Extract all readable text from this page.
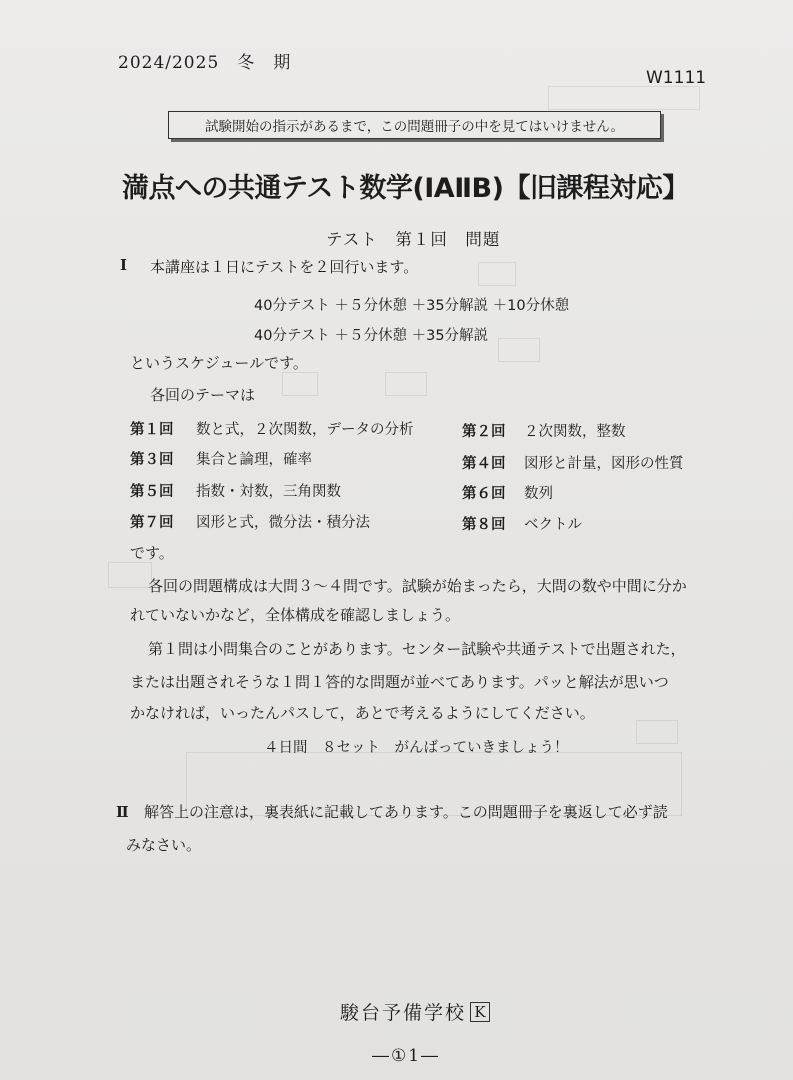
2024/2025　冬　期
W1111
試験開始の指示があるまで，この問題冊子の中を見てはいけません。
満点への共通テスト数学(IAⅡB)【旧課程対応】
テスト　第１回　問題
Ⅰ 本講座は１日にテストを２回行います。
40分テスト ＋５分休憩 ＋35分解説 ＋10分休憩
40分テスト ＋５分休憩 ＋35分解説
というスケジュールです。
各回のテーマは
第１回 数と式，２次関数，データの分析	第２回 ２次関数，整数
第３回 集合と論理，確率	第４回 図形と計量，図形の性質
第５回 指数・対数，三角関数	第６回 数列
第７回 図形と式，微分法・積分法	第８回 ベクトル
です。
各回の問題構成は大問３～４問です。試験が始まったら，大問の数や中間に分か
れていないかなど，全体構成を確認しましょう。
第１問は小問集合のことがあります。センター試験や共通テストで出題された，
または出題されそうな１問１答的な問題が並べてあります。パッと解法が思いつ
かなければ，いったんパスして，あとで考えるようにしてください。
４日間　８セット　がんばっていきましょう！
Ⅱ 解答上の注意は，裏表紙に記載してあります。この問題冊子を裏返して必ず読
みなさい。
駿台予備学校 K
―①1―
